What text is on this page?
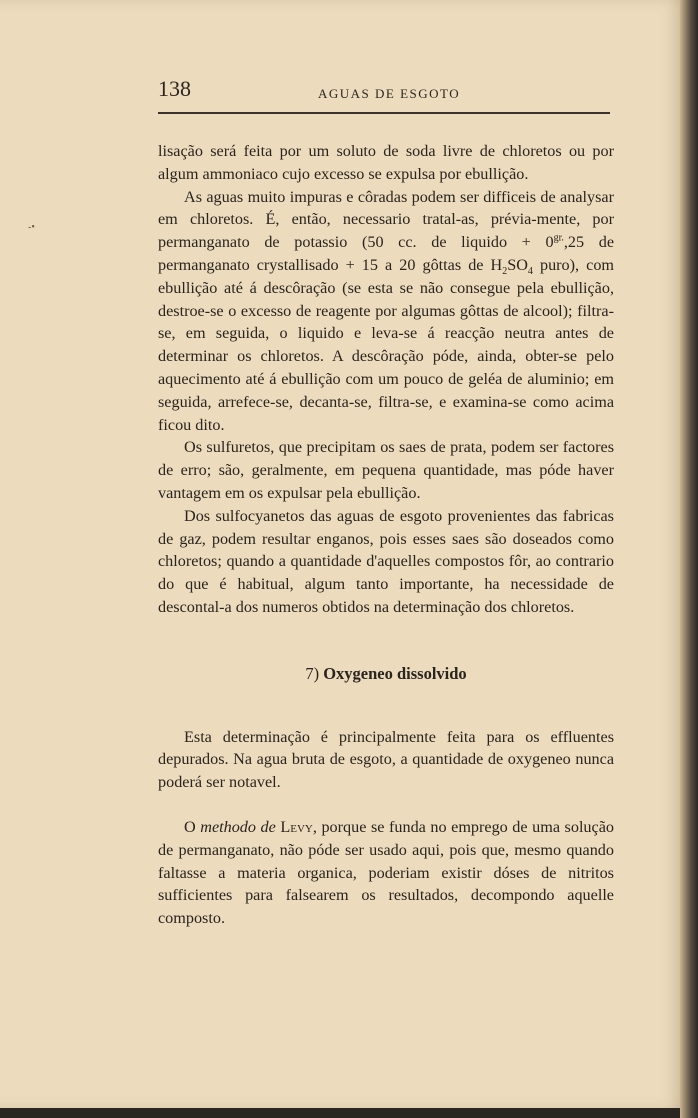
-•
138	AGUAS DE ESGOTO

lisação será feita por um soluto de soda livre de chloretos ou por algum ammoniaco cujo excesso se expulsa por ebullição.

As aguas muito impuras e côradas podem ser difficeis de analysar em chloretos. É, então, necessario tratal-as, prévia-mente, por permanganato de potassio (50 cc. de liquido + $0^{gr.},25$ de permanganato crystallisado + 15 a 20 gôttas de $H_2SO_4$ puro), com ebullição até á descôração (se esta se não consegue pela ebullição, destroe-se o excesso de reagente por algumas gôttas de alcool); filtra-se, em seguida, o liquido e leva-se á reacção neutra antes de determinar os chloretos. A descôração póde, ainda, obter-se pelo aquecimento até á ebullição com um pouco de geléa de aluminio; em seguida, arrefece-se, decanta-se, filtra-se, e examina-se como acima ficou dito.

Os sulfuretos, que precipitam os saes de prata, podem ser factores de erro; são, geralmente, em pequena quantidade, mas póde haver vantagem em os expulsar pela ebullição.

Dos sulfocyanetos das aguas de esgoto provenientes das fabricas de gaz, podem resultar enganos, pois esses saes são doseados como chloretos; quando a quantidade d'aquelles compostos fôr, ao contrario do que é habitual, algum tanto importante, ha necessidade de descontal-a dos numeros obtidos na determinação dos chloretos.

7) Oxygeneo dissolvido

Esta determinação é principalmente feita para os effluentes depurados. Na agua bruta de esgoto, a quantidade de oxygeneo nunca poderá ser notavel.

O methodo de Levy, porque se funda no emprego de uma solução de permanganato, não póde ser usado aqui, pois que, mesmo quando faltasse a materia organica, poderiam existir dóses de nitritos sufficientes para falsearem os resultados, decompondo aquelle composto.
